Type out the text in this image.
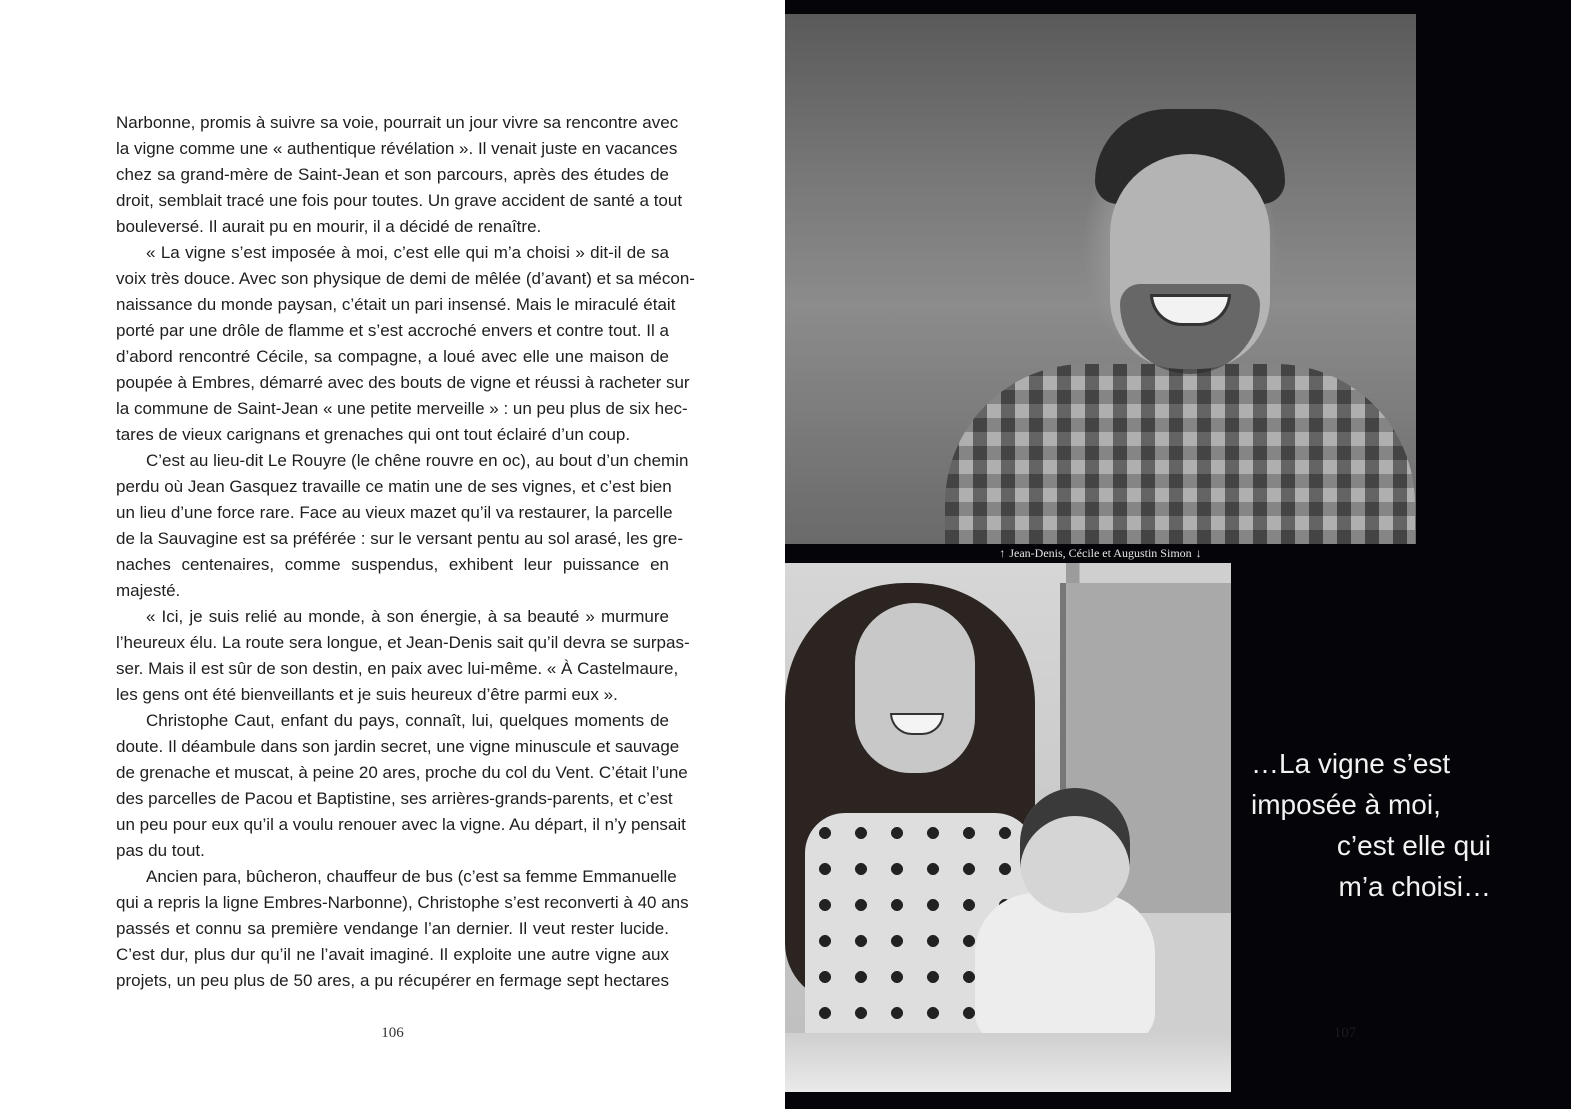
Narbonne, promis à suivre sa voie, pourrait un jour vivre sa rencontre avec
la vigne comme une « authentique révélation ». Il venait juste en vacances
chez sa grand-mère de Saint-Jean et son parcours, après des études de
droit, semblait tracé une fois pour toutes. Un grave accident de santé a tout
bouleversé. Il aurait pu en mourir, il a décidé de renaître.
« La vigne s’est imposée à moi, c’est elle qui m’a choisi » dit-il de sa
voix très douce. Avec son physique de demi de mêlée (d’avant) et sa mécon-
naissance du monde paysan, c’était un pari insensé. Mais le miraculé était
porté par une drôle de flamme et s’est accroché envers et contre tout. Il a
d’abord rencontré Cécile, sa compagne, a loué avec elle une maison de
poupée à Embres, démarré avec des bouts de vigne et réussi à racheter sur
la commune de Saint-Jean « une petite merveille » : un peu plus de six hec-
tares de vieux carignans et grenaches qui ont tout éclairé d’un coup.
C’est au lieu-dit Le Rouyre (le chêne rouvre en oc), au bout d’un chemin
perdu où Jean Gasquez travaille ce matin une de ses vignes, et c’est bien
un lieu d’une force rare. Face au vieux mazet qu’il va restaurer, la parcelle
de la Sauvagine est sa préférée : sur le versant pentu au sol arasé, les gre-
naches centenaires, comme suspendus, exhibent leur puissance en
majesté.
« Ici, je suis relié au monde, à son énergie, à sa beauté » murmure
l’heureux élu. La route sera longue, et Jean-Denis sait qu’il devra se surpas-
ser. Mais il est sûr de son destin, en paix avec lui-même. « À Castelmaure,
les gens ont été bienveillants et je suis heureux d’être parmi eux ».
Christophe Caut, enfant du pays, connaît, lui, quelques moments de
doute. Il déambule dans son jardin secret, une vigne minuscule et sauvage
de grenache et muscat, à peine 20 ares, proche du col du Vent. C’était l’une
des parcelles de Pacou et Baptistine, ses arrières-grands-parents, et c’est
un peu pour eux qu’il a voulu renouer avec la vigne. Au départ, il n’y pensait
pas du tout.
Ancien para, bûcheron, chauffeur de bus (c’est sa femme Emmanuelle
qui a repris la ligne Embres-Narbonne), Christophe s’est reconverti à 40 ans
passés et connu sa première vendange l’an dernier. Il veut rester lucide.
C’est dur, plus dur qu’il ne l’avait imaginé. Il exploite une autre vigne aux
projets, un peu plus de 50 ares, a pu récupérer en fermage sept hectares
106
↑ Jean-Denis, Cécile et Augustin Simon ↓
…La vigne s’est
imposée à moi,
c’est elle qui
m’a choisi…
107
